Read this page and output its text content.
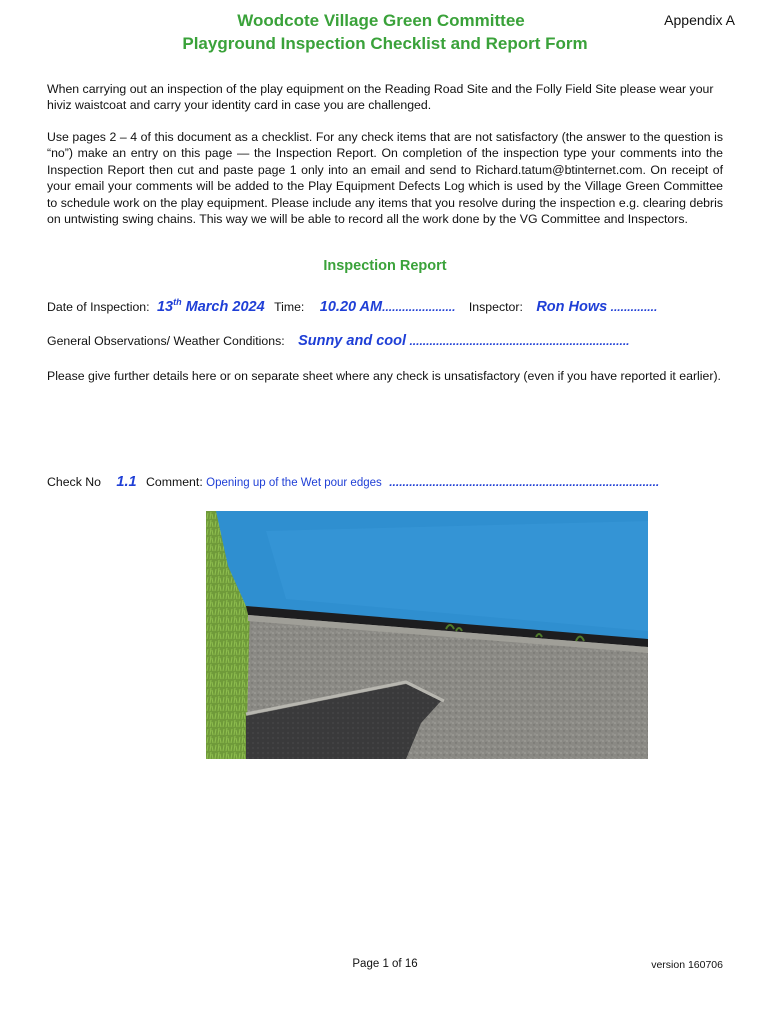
Woodcote Village Green Committee
Playground Inspection Checklist and Report Form
Appendix A
When carrying out an inspection of the play equipment on the Reading Road Site and the Folly Field Site please wear your hiviz waistcoat and carry your identity card in case you are challenged.
Use pages 2 – 4 of this document as a checklist. For any check items that are not satisfactory (the answer to the question is “no”) make an entry on this page — the Inspection Report. On completion of the inspection type your comments into the Inspection Report then cut and paste page 1 only into an email and send to Richard.tatum@btinternet.com. On receipt of your email your comments will be added to the Play Equipment Defects Log which is used by the Village Green Committee to schedule work on the play equipment. Please include any items that you resolve during the inspection e.g. clearing debris on untwisting swing chains. This way we will be able to record all the work done by the VG Committee and Inspectors.
Inspection Report
Date of Inspection: 13th March 2024 Time: 10.20 AM...................... Inspector: Ron Hows ..............
General Observations/ Weather Conditions: Sunny and cool ..................................................................
Please give further details here or on separate sheet where any check is unsatisfactory (even if you have reported it earlier).
Check No 1.1 Comment: Opening up of the Wet pour edges .................................................................................
Page 1 of 16	version 160706
